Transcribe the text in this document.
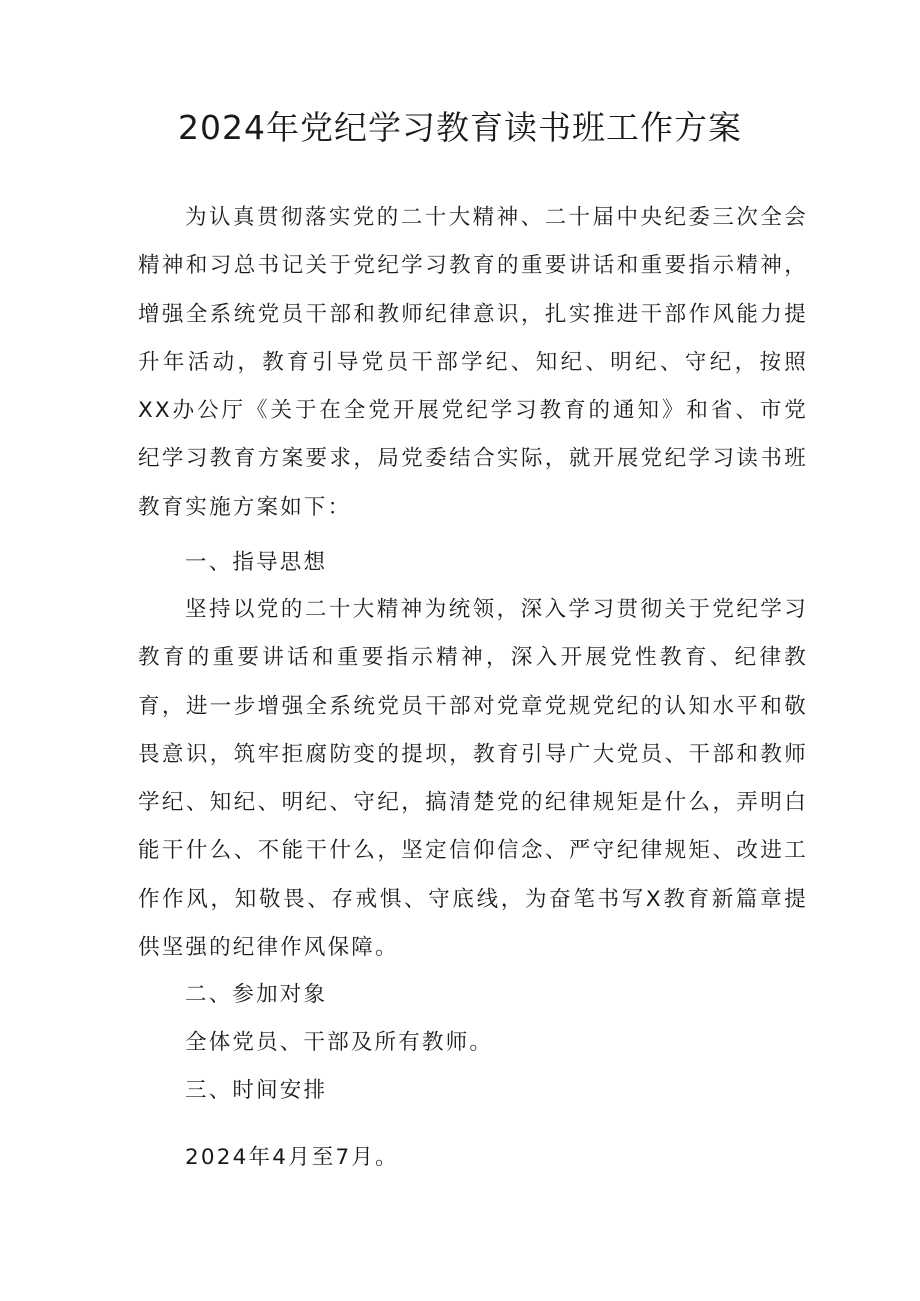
2024年党纪学习教育读书班工作方案

为认真贯彻落实党的二十大精神、二十届中央纪委三次全会精神和习总书记关于党纪学习教育的重要讲话和重要指示精神，增强全系统党员干部和教师纪律意识，扎实推进干部作风能力提升年活动，教育引导党员干部学纪、知纪、明纪、守纪，按照XX办公厅《关于在全党开展党纪学习教育的通知》和省、市党纪学习教育方案要求，局党委结合实际，就开展党纪学习读书班教育实施方案如下：

一、指导思想

坚持以党的二十大精神为统领，深入学习贯彻关于党纪学习教育的重要讲话和重要指示精神，深入开展党性教育、纪律教育，进一步增强全系统党员干部对党章党规党纪的认知水平和敬畏意识，筑牢拒腐防变的提坝，教育引导广大党员、干部和教师学纪、知纪、明纪、守纪，搞清楚党的纪律规矩是什么，弄明白能干什么、不能干什么，坚定信仰信念、严守纪律规矩、改进工作作风，知敬畏、存戒惧、守底线，为奋笔书写X教育新篇章提供坚强的纪律作风保障。

二、参加对象

全体党员、干部及所有教师。

三、时间安排

2024年4月至7月。
